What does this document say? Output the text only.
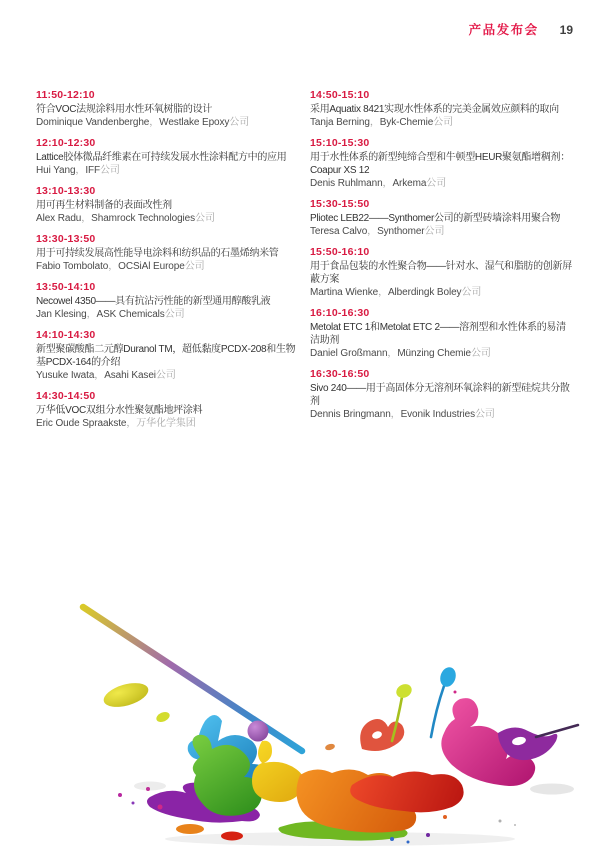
产品发布会 19
11:50-12:10
符合VOC法规涂料用水性环氧树脂的设计
Dominique Vandenberghe，Westlake Epoxy公司
12:10-12:30
Lattice胶体微晶纤维素在可持续发展水性涂料配方中的应用
Hui Yang，IFF公司
13:10-13:30
用可再生材料制备的表面改性剂
Alex Radu，Shamrock Technologies公司
13:30-13:50
用于可持续发展高性能导电涂料和纺织品的石墨烯纳米管
Fabio Tombolato，OCSiAl Europe公司
13:50-14:10
Necowel 4350——具有抗沾污性能的新型通用醇酸乳液
Jan Klesing，ASK Chemicals公司
14:10-14:30
新型聚碳酸酯二元醇Duranol TM，超低黏度PCDX-208和生物基PCDX-164的介绍
Yusuke Iwata，Asahi Kasei公司
14:30-14:50
万华低VOC双组分水性聚氨酯地坪涂料
Eric Oude Spraakste，万华化学集团
14:50-15:10
采用Aquatix 8421实现水性体系的完美金属效应颜料的取向
Tanja Berning，Byk-Chemie公司
15:10-15:30
用于水性体系的新型纯缔合型和牛顿型HEUR聚氨酯增稠剂：Coapur XS 12
Denis Ruhlmann，Arkema公司
15:30-15:50
Pliotec LEB22——Synthomer公司的新型砖墙涂料用聚合物
Teresa Calvo，Synthomer公司
15:50-16:10
用于食品包装的水性聚合物——针对水、湿气和脂肪的创新屏蔽方案
Martina Wienke，Alberdingk Boley公司
16:10-16:30
Metolat ETC 1和Metolat ETC 2——溶剂型和水性体系的易清洁助剂
Daniel Großmann，Münzing Chemie公司
16:30-16:50
Sivo 240——用于高固体分无溶剂环氧涂料的新型硅烷共分散剂
Dennis Bringmann，Evonik Industries公司
